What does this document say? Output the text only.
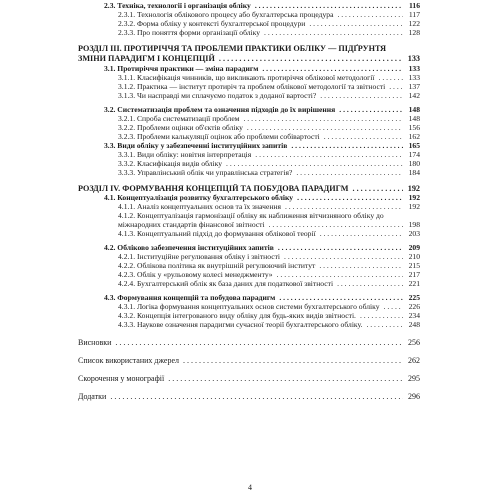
2.3. Техніка, технології і організація обліку . . .	116
2.3.1. Технологія облікового процесу або бухгалтерська процедура . . .	117
2.3.2. Форма обліку у контексті бухгалтерської процедури . . .	122
2.3.3. Про поняття форми організації обліку . . .	128
РОЗДІЛ ІІІ. ПРОТИРІЧЧЯ ТА ПРОБЛЕМИ ПРАКТИКИ ОБЛІКУ — ПІДҐРУНТЯ ЗМІНИ ПАРАДИГМ І КОНЦЕПЦІЙ . . .	133
3.1. Протиріччя практики — зміна парадигм . . .	133
3.1.1. Класифікація чинників, що викликають протиріччя облікової методології . . .	133
3.1.2. Практика — інститут протиріч та проблем облікової методології та звітності . . .	137
3.1.3. Чи насправді ми сплачуємо податок з доданої вартості? . . .	142
3.2. Систематизація проблем та означення підходів до їх вирішення . . .	148
3.2.1. Спроба систематизації проблем . . .	148
3.2.2. Проблеми оцінки об'єктів обліку . . .	156
3.2.3. Проблеми калькуляції оцінок або проблеми собівартості . . .	162
3.3. Види обліку у забезпеченні інституційних запитів . . .	165
3.3.1. Види обліку: новітня інтерпретація . . .	174
3.3.2. Класифікація видів обліку . . .	180
3.3.3. Управлінський облік чи управлінська стратегія? . . .	184
РОЗДІЛ IV. ФОРМУВАННЯ КОНЦЕПЦІЙ ТА ПОБУДОВА ПАРАДИГМ . . .	192
4.1. Концептуалізація розвитку бухгалтерського обліку . . .	192
4.1.1. Аналіз концептуальних основ та їх значення . . .	192
4.1.2. Концептуалізація гармонізації обліку як наближення вітчизняного обліку до міжнародних стандартів фінансової звітності . . .	198
4.1.3. Концептуальний підхід до формування облікової теорії . . .	203
4.2. Обліково забезпечення інституційних запитів . . .	209
4.2.1. Інституційне регулювання обліку і звітності . . .	210
4.2.2. Облікова політика як внутрішній регулюючий інститут . . .	215
4.2.3. Облік у «рульовому колесі менеджменту» . . .	217
4.2.4. Бухгалтерський облік як база даних для податкової звітності . . .	221
4.3. Формування концепцій та побудова парадигм . . .	225
4.3.1. Логіка формування концептуальних основ системи бухгалтерського обліку . . .	226
4.3.2. Концепція інтегрованого виду обліку для будь-яких видів звітності. . . .	234
4.3.3. Наукове означення парадигми сучасної теорії бухгалтерського обліку. . . .	248
Висновки . . .	256
Список використаних джерел . . .	262
Скорочення у монографії . . .	295
Додатки . . .	296
4
